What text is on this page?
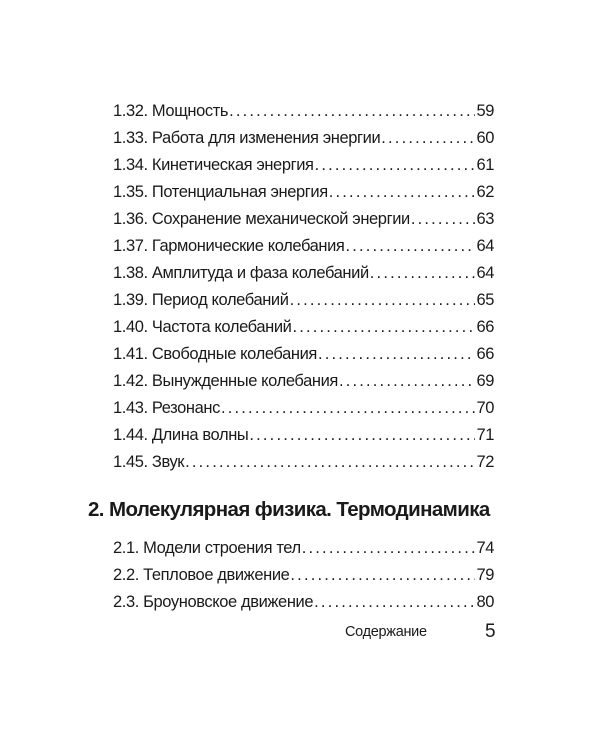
1.32. Мощность . . .	59
1.33. Работа для изменения энергии . . .	60
1.34. Кинетическая энергия . . .	61
1.35. Потенциальная энергия . . .	62
1.36. Сохранение механической энергии . . .	63
1.37. Гармонические колебания . . .	64
1.38. Амплитуда и фаза колебаний . . .	64
1.39. Период колебаний . . .	65
1.40. Частота колебаний . . .	66
1.41. Свободные колебания . . .	66
1.42. Вынужденные колебания . . .	69
1.43. Резонанс . . .	70
1.44. Длина волны . . .	71
1.45. Звук . . .	72
2. Молекулярная физика. Термодинамика
2.1. Модели строения тел . . .	74
2.2. Тепловое движение . . .	79
2.3. Броуновское движение . . .	80
Содержание	5
